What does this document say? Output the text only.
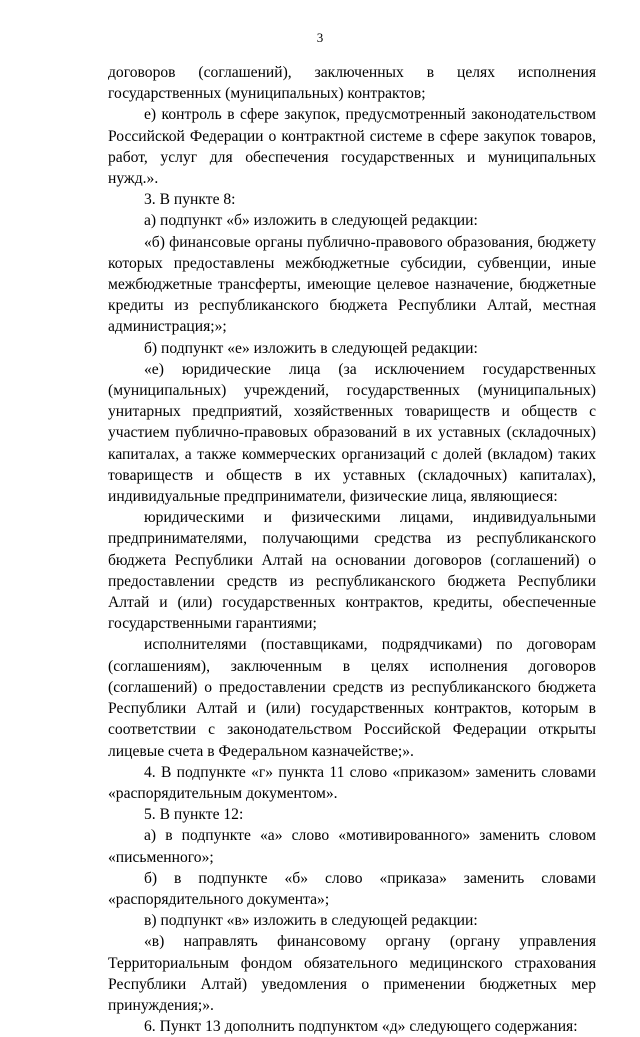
3

договоров (соглашений), заключенных в целях исполнения государственных (муниципальных) контрактов;

е) контроль в сфере закупок, предусмотренный законодательством Российской Федерации о контрактной системе в сфере закупок товаров, работ, услуг для обеспечения государственных и муниципальных нужд.».

3. В пункте 8:

а) подпункт «б» изложить в следующей редакции:

«б) финансовые органы публично-правового образования, бюджету которых предоставлены межбюджетные субсидии, субвенции, иные межбюджетные трансферты, имеющие целевое назначение, бюджетные кредиты из республиканского бюджета Республики Алтай, местная администрация;»;

б) подпункт «е» изложить в следующей редакции:

«е) юридические лица (за исключением государственных (муниципальных) учреждений, государственных (муниципальных) унитарных предприятий, хозяйственных товариществ и обществ с участием публично-правовых образований в их уставных (складочных) капиталах, а также коммерческих организаций с долей (вкладом) таких товариществ и обществ в их уставных (складочных) капиталах), индивидуальные предприниматели, физические лица, являющиеся:

юридическими и физическими лицами, индивидуальными предпринимателями, получающими средства из республиканского бюджета Республики Алтай на основании договоров (соглашений) о предоставлении средств из республиканского бюджета Республики Алтай и (или) государственных контрактов, кредиты, обеспеченные государственными гарантиями;

исполнителями (поставщиками, подрядчиками) по договорам (соглашениям), заключенным в целях исполнения договоров (соглашений) о предоставлении средств из республиканского бюджета Республики Алтай и (или) государственных контрактов, которым в соответствии с законодательством Российской Федерации открыты лицевые счета в Федеральном казначействе;».

4. В подпункте «г» пункта 11 слово «приказом» заменить словами «распорядительным документом».

5. В пункте 12:

а) в подпункте «а» слово «мотивированного» заменить словом «письменного»;

б) в подпункте «б» слово «приказа» заменить словами «распорядительного документа»;

в) подпункт «в» изложить в следующей редакции:

«в) направлять финансовому органу (органу управления Территориальным фондом обязательного медицинского страхования Республики Алтай) уведомления о применении бюджетных мер принуждения;».

6. Пункт 13 дополнить подпунктом «д» следующего содержания:
